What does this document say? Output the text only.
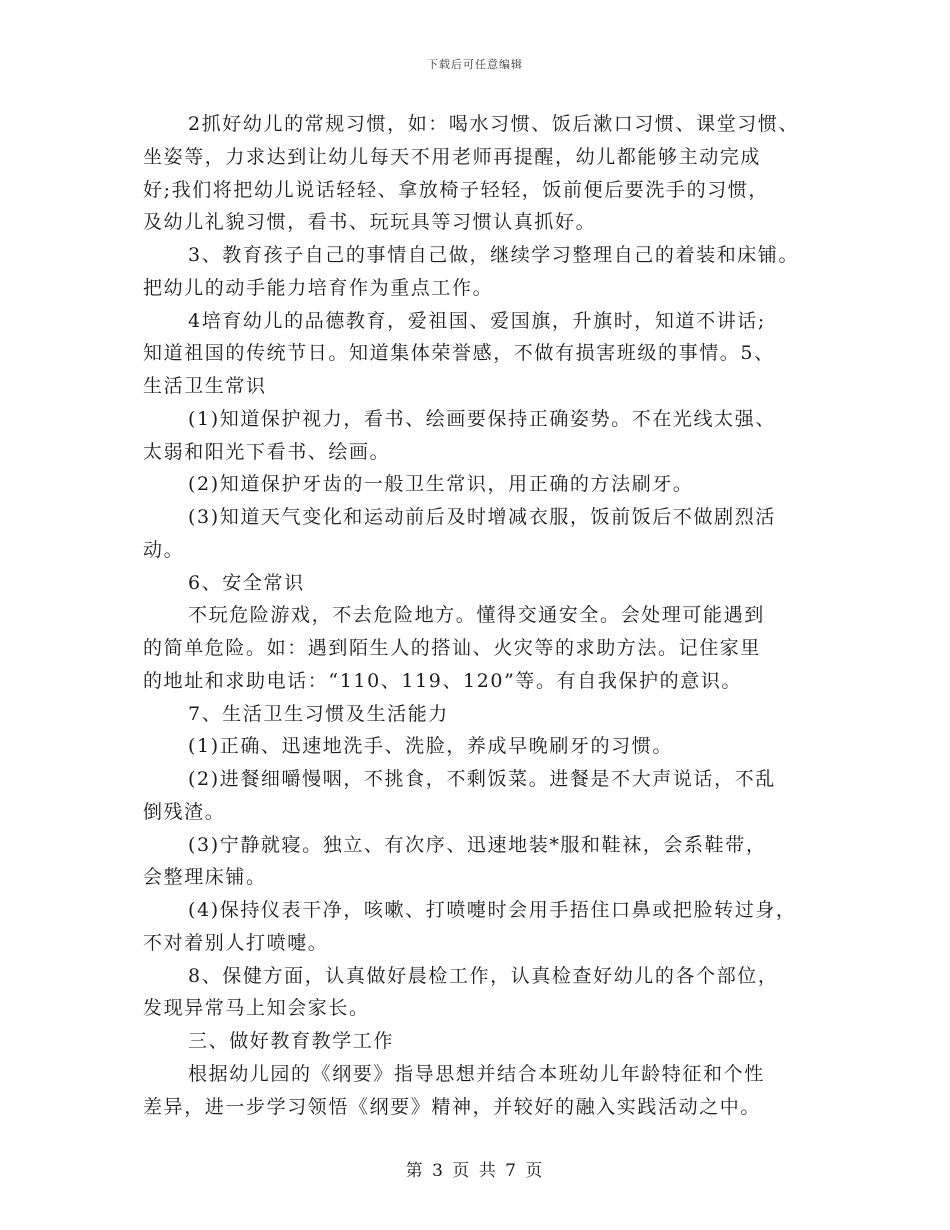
下载后可任意编辑
2抓好幼儿的常规习惯，如：喝水习惯、饭后漱口习惯、课堂习惯、
坐姿等，力求达到让幼儿每天不用老师再提醒，幼儿都能够主动完成
好;我们将把幼儿说话轻轻、拿放椅子轻轻，饭前便后要洗手的习惯，
及幼儿礼貌习惯，看书、玩玩具等习惯认真抓好。
3、教育孩子自己的事情自己做，继续学习整理自己的着装和床铺。
把幼儿的动手能力培育作为重点工作。
4培育幼儿的品德教育，爱祖国、爱国旗，升旗时，知道不讲话;
知道祖国的传统节日。知道集体荣誉感，不做有损害班级的事情。5、
生活卫生常识
(1)知道保护视力，看书、绘画要保持正确姿势。不在光线太强、
太弱和阳光下看书、绘画。
(2)知道保护牙齿的一般卫生常识，用正确的方法刷牙。
(3)知道天气变化和运动前后及时增减衣服，饭前饭后不做剧烈活
动。
6、安全常识
不玩危险游戏，不去危险地方。懂得交通安全。会处理可能遇到
的简单危险。如：遇到陌生人的搭讪、火灾等的求助方法。记住家里
的地址和求助电话：“110、119、120”等。有自我保护的意识。
7、生活卫生习惯及生活能力
(1)正确、迅速地洗手、洗脸，养成早晚刷牙的习惯。
(2)进餐细嚼慢咽，不挑食，不剩饭菜。进餐是不大声说话，不乱
倒残渣。
(3)宁静就寝。独立、有次序、迅速地装*服和鞋袜，会系鞋带，
会整理床铺。
(4)保持仪表干净，咳嗽、打喷嚏时会用手捂住口鼻或把脸转过身，
不对着别人打喷嚏。
8、保健方面，认真做好晨检工作，认真检查好幼儿的各个部位，
发现异常马上知会家长。
三、做好教育教学工作
根据幼儿园的《纲要》指导思想并结合本班幼儿年龄特征和个性
差异，进一步学习领悟《纲要》精神，并较好的融入实践活动之中。
第 3 页 共 7 页
